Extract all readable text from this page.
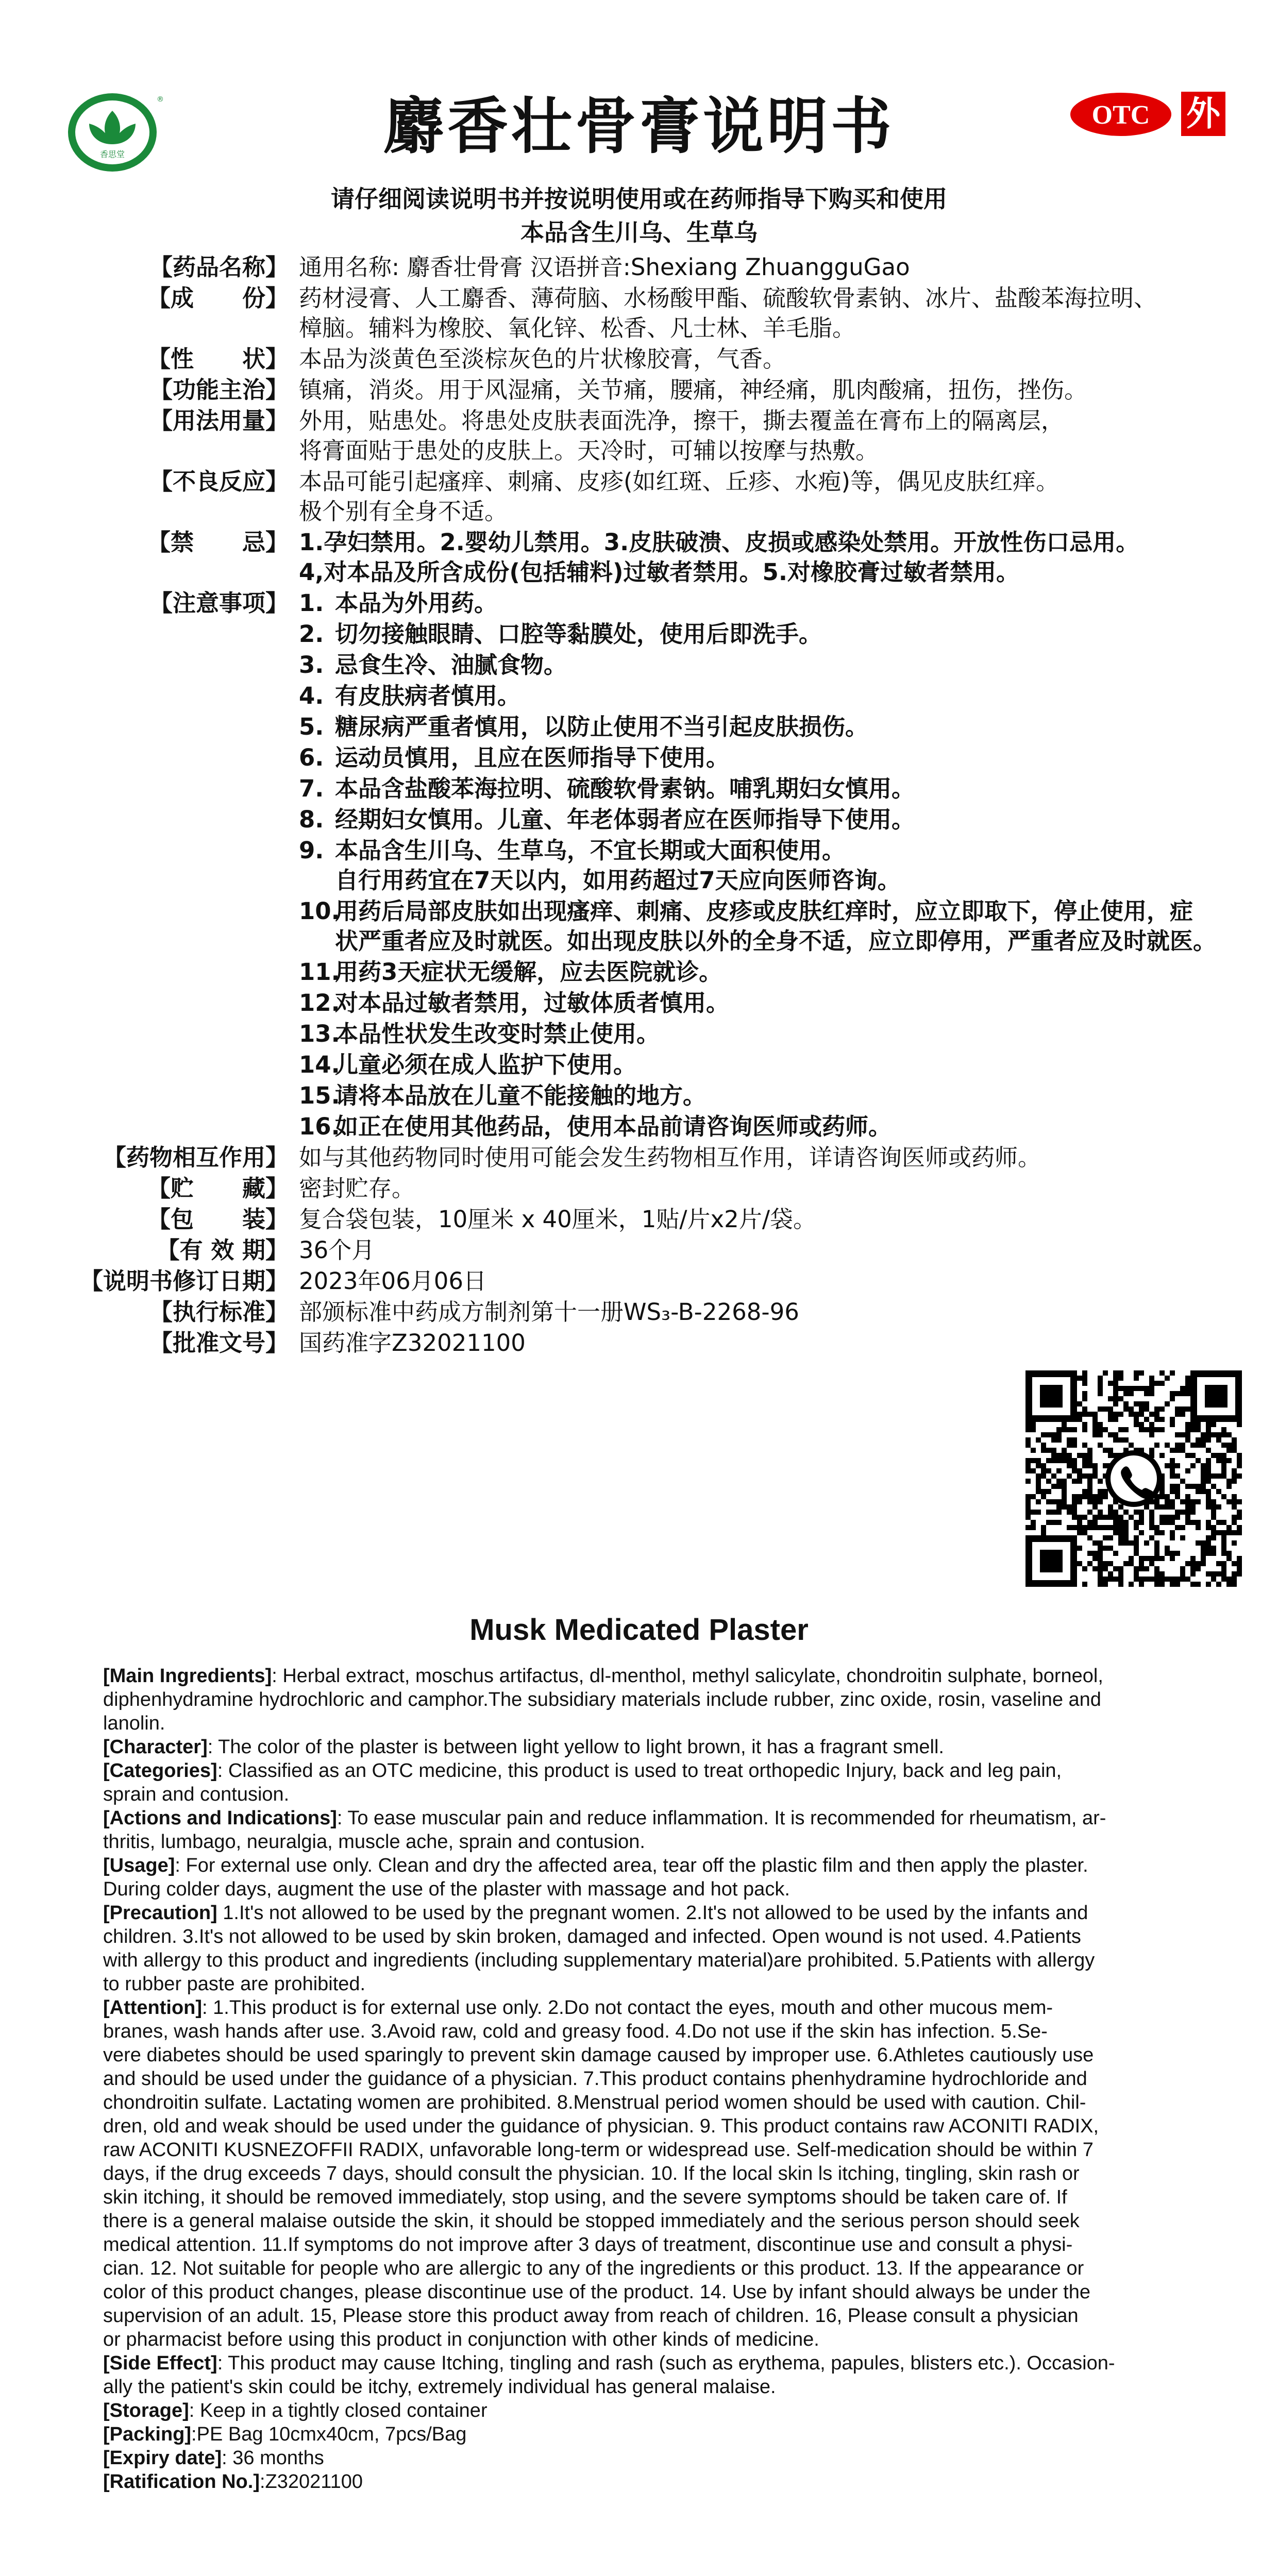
香思堂
®	麝香壮骨膏说明书	OTC 外
请仔细阅读说明书并按说明使用或在药师指导下购买和使用
本品含生川乌、生草乌
【药品名称】 通用名称: 麝香壮骨膏 汉语拼音:Shexiang ZhuangguGao
【成      份】 药材浸膏、人工麝香、薄荷脑、水杨酸甲酯、硫酸软骨素钠、冰片、盐酸苯海拉明、
樟脑。辅料为橡胶、氧化锌、松香、凡士林、羊毛脂。
【性      状】 本品为淡黄色至淡棕灰色的片状橡胶膏，气香。
【功能主治】 镇痛，消炎。用于风湿痛，关节痛，腰痛，神经痛，肌肉酸痛，扭伤，挫伤。
【用法用量】 外用，贴患处。将患处皮肤表面洗净，擦干，撕去覆盖在膏布上的隔离层，
将膏面贴于患处的皮肤上。天冷时，可辅以按摩与热敷。
【不良反应】 本品可能引起瘙痒、刺痛、皮疹(如红斑、丘疹、水疱)等，偶见皮肤红痒。
极个别有全身不适。
【禁      忌】 1.孕妇禁用。2.婴幼儿禁用。3.皮肤破溃、皮损或感染处禁用。开放性伤口忌用。
4,对本品及所含成份(包括辅料)过敏者禁用。5.对橡胶膏过敏者禁用。
【注意事项】 1. 本品为外用药。
2. 切勿接触眼睛、口腔等黏膜处，使用后即洗手。
3. 忌食生冷、油腻食物。
4. 有皮肤病者慎用。
5. 糖尿病严重者慎用，以防止使用不当引起皮肤损伤。
6. 运动员慎用，且应在医师指导下使用。
7. 本品含盐酸苯海拉明、硫酸软骨素钠。哺乳期妇女慎用。
8. 经期妇女慎用。儿童、年老体弱者应在医师指导下使用。
9. 本品含生川乌、生草乌，不宜长期或大面积使用。
自行用药宜在7天以内，如用药超过7天应向医师咨询。
10.用药后局部皮肤如出现瘙痒、刺痛、皮疹或皮肤红痒时，应立即取下，停止使用，症
状严重者应及时就医。如出现皮肤以外的全身不适，应立即停用，严重者应及时就医。
11.用药3天症状无缓解，应去医院就诊。
12.对本品过敏者禁用，过敏体质者慎用。
13.本品性状发生改变时禁止使用。
14.儿童必须在成人监护下使用。
15.请将本品放在儿童不能接触的地方。
16.如正在使用其他药品，使用本品前请咨询医师或药师。
【药物相互作用】 如与其他药物同时使用可能会发生药物相互作用，详请咨询医师或药师。
【贮      藏】 密封贮存。
【包      装】 复合袋包装，10厘米 x 40厘米，1贴/片x2片/袋。
【有 效 期】 36个月
【说明书修订日期】 2023年06月06日
【执行标准】 部颁标准中药成方制剂第十一册WS₃-B-2268-96
【批准文号】 国药准字Z32021100
Musk Medicated Plaster
[Main Ingredients]: Herbal extract, moschus artifactus, dl-menthol, methyl salicylate, chondroitin sulphate, borneol,
diphenhydramine hydrochloric and camphor.The subsidiary materials include rubber, zinc oxide, rosin, vaseline and
lanolin.
[Character]: The color of the plaster is between light yellow to light brown, it has a fragrant smell.
[Categories]: Classified as an OTC medicine, this product is used to treat orthopedic Injury, back and leg pain,
sprain and contusion.
[Actions and Indications]: To ease muscular pain and reduce inflammation. It is recommended for rheumatism, ar-
thritis, lumbago, neuralgia, muscle ache, sprain and contusion.
[Usage]: For external use only. Clean and dry the affected area, tear off the plastic film and then apply the plaster.
During colder days, augment the use of the plaster with massage and hot pack.
[Precaution] 1.It's not allowed to be used by the pregnant women. 2.It's not allowed to be used by the infants and
children. 3.It's not allowed to be used by skin broken, damaged and infected. Open wound is not used. 4.Patients
with allergy to this product and ingredients (including supplementary material)are prohibited. 5.Patients with allergy
to rubber paste are prohibited.
[Attention]: 1.This product is for external use only. 2.Do not contact the eyes, mouth and other mucous mem-
branes, wash hands after use. 3.Avoid raw, cold and greasy food. 4.Do not use if the skin has infection. 5.Se-
vere diabetes should be used sparingly to prevent skin damage caused by improper use. 6.Athletes cautiously use
and should be used under the guidance of a physician. 7.This product contains phenhydramine hydrochloride and
chondroitin sulfate. Lactating women are prohibited. 8.Menstrual period women should be used with caution. Chil-
dren, old and weak should be used under the guidance of physician. 9. This product contains raw ACONITI RADIX,
raw ACONITI KUSNEZOFFII RADIX, unfavorable long-term or widespread use. Self-medication should be within 7
days, if the drug exceeds 7 days, should consult the physician. 10. If the local skin ls itching, tingling, skin rash or
skin itching, it should be removed immediately, stop using, and the severe symptoms should be taken care of. If
there is a general malaise outside the skin, it should be stopped immediately and the serious person should seek
medical attention. 11.If symptoms do not improve after 3 days of treatment, discontinue use and consult a physi-
cian. 12. Not suitable for people who are allergic to any of the ingredients or this product. 13. If the appearance or
color of this product changes, please discontinue use of the product. 14. Use by infant should always be under the
supervision of an adult. 15, Please store this product away from reach of children. 16, Please consult a physician
or pharmacist before using this product in conjunction with other kinds of medicine.
[Side Effect]: This product may cause Itching, tingling and rash (such as erythema, papules, blisters etc.). Occasion-
ally the patient's skin could be itchy, extremely individual has general malaise.
[Storage]: Keep in a tightly closed container
[Packing]:PE Bag 10cmx40cm, 7pcs/Bag
[Expiry date]: 36 months
[Ratification No.]:Z32021100
